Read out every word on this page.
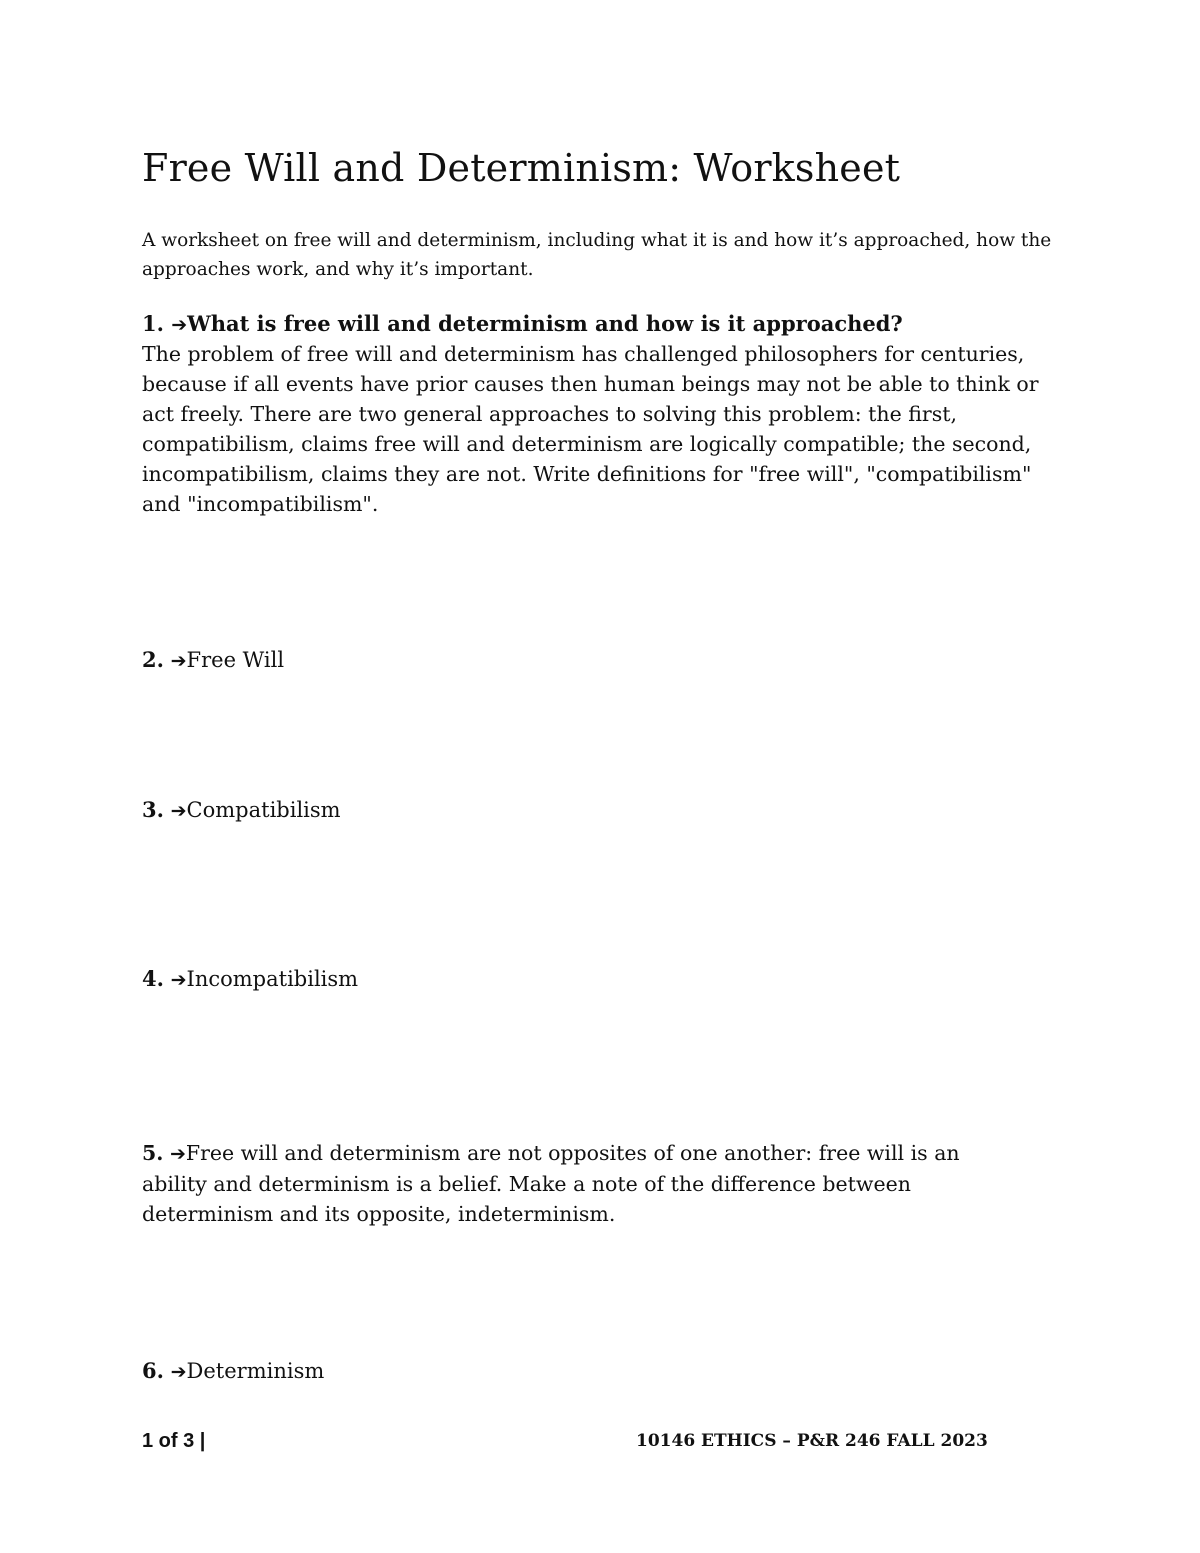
Free Will and Determinism: Worksheet

A worksheet on free will and determinism, including what it is and how it’s approached, how the approaches work, and why it’s important.

1. ➔What is free will and determinism and how is it approached?

The problem of free will and determinism has challenged philosophers for centuries, because if all events have prior causes then human beings may not be able to think or act freely. There are two general approaches to solving this problem: the first, compatibilism, claims free will and determinism are logically compatible; the second, incompatibilism, claims they are not. Write definitions for "free will", "compatibilism" and "incompatibilism".

2. ➔Free Will

3. ➔Compatibilism

4. ➔Incompatibilism

5. ➔Free will and determinism are not opposites of one another: free will is an ability and determinism is a belief. Make a note of the difference between determinism and its opposite, indeterminism.

6. ➔Determinism

1 of 3 |	10146 ETHICS – P&R 246 FALL 2023
